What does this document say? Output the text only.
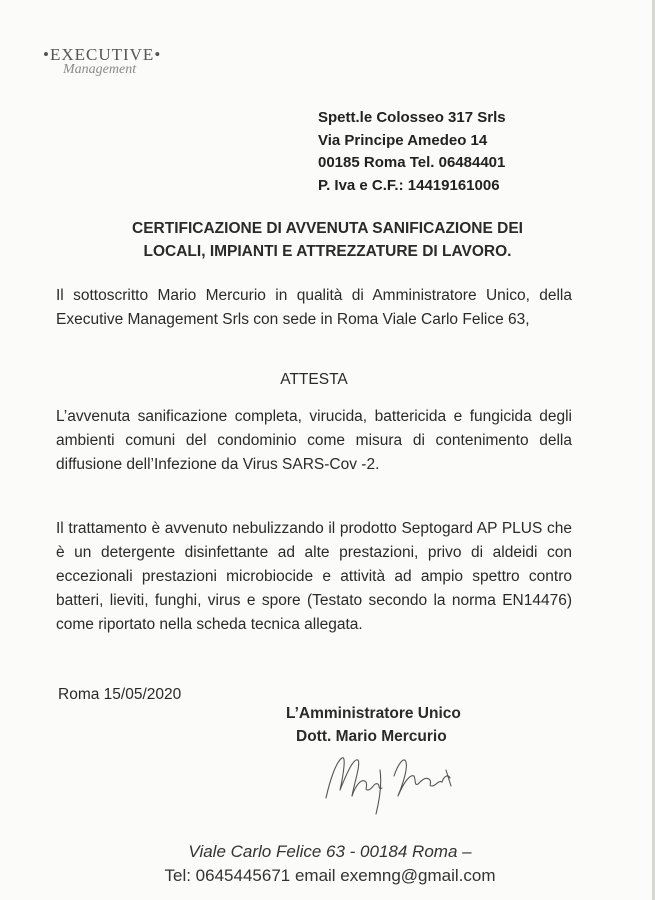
•EXECUTIVE•
Management
Spett.le Colosseo 317 Srls
Via Principe Amedeo 14
00185 Roma Tel. 06484401
P. Iva e C.F.: 14419161006
CERTIFICAZIONE DI AVVENUTA SANIFICAZIONE DEI
LOCALI, IMPIANTI E ATTREZZATURE DI LAVORO.
Il sottoscritto Mario Mercurio in qualità di Amministratore Unico, della Executive Management Srls con sede in Roma Viale Carlo Felice 63,
ATTESTA
L’avvenuta sanificazione completa, virucida, battericida e fungicida degli ambienti comuni del condominio come misura di contenimento della diffusione dell’Infezione da Virus SARS-Cov -2.
Il trattamento è avvenuto nebulizzando il prodotto Septogard AP PLUS che è un detergente disinfettante ad alte prestazioni, privo di aldeidi con eccezionali prestazioni microbiocide e attività ad ampio spettro contro batteri, lieviti, funghi, virus e spore (Testato secondo la norma EN14476) come riportato nella scheda tecnica allegata.
Roma 15/05/2020
L’Amministratore Unico
Dott. Mario Mercurio
Viale Carlo Felice 63 - 00184 Roma –
Tel: 0645445671 email exemng@gmail.com
